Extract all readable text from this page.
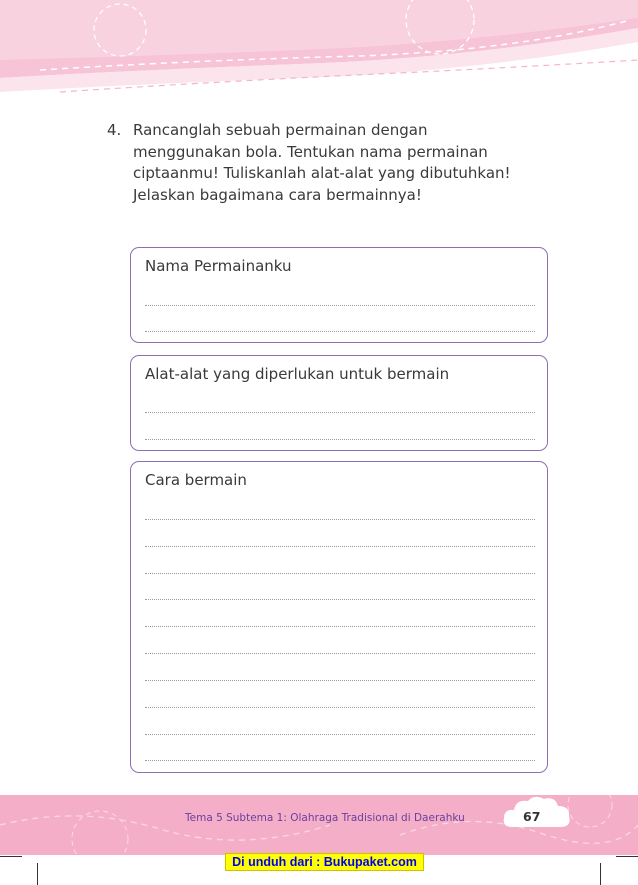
4. Rancanglah sebuah permainan dengan menggunakan bola. Tentukan nama permainan ciptaanmu! Tuliskanlah alat-alat yang dibutuhkan! Jelaskan bagaimana cara bermainnya!
Nama Permainanku
Alat-alat yang diperlukan untuk bermain
Cara bermain
Tema 5 Subtema 1: Olahraga Tradisional di Daerahku	67
Di unduh dari : Bukupaket.com
